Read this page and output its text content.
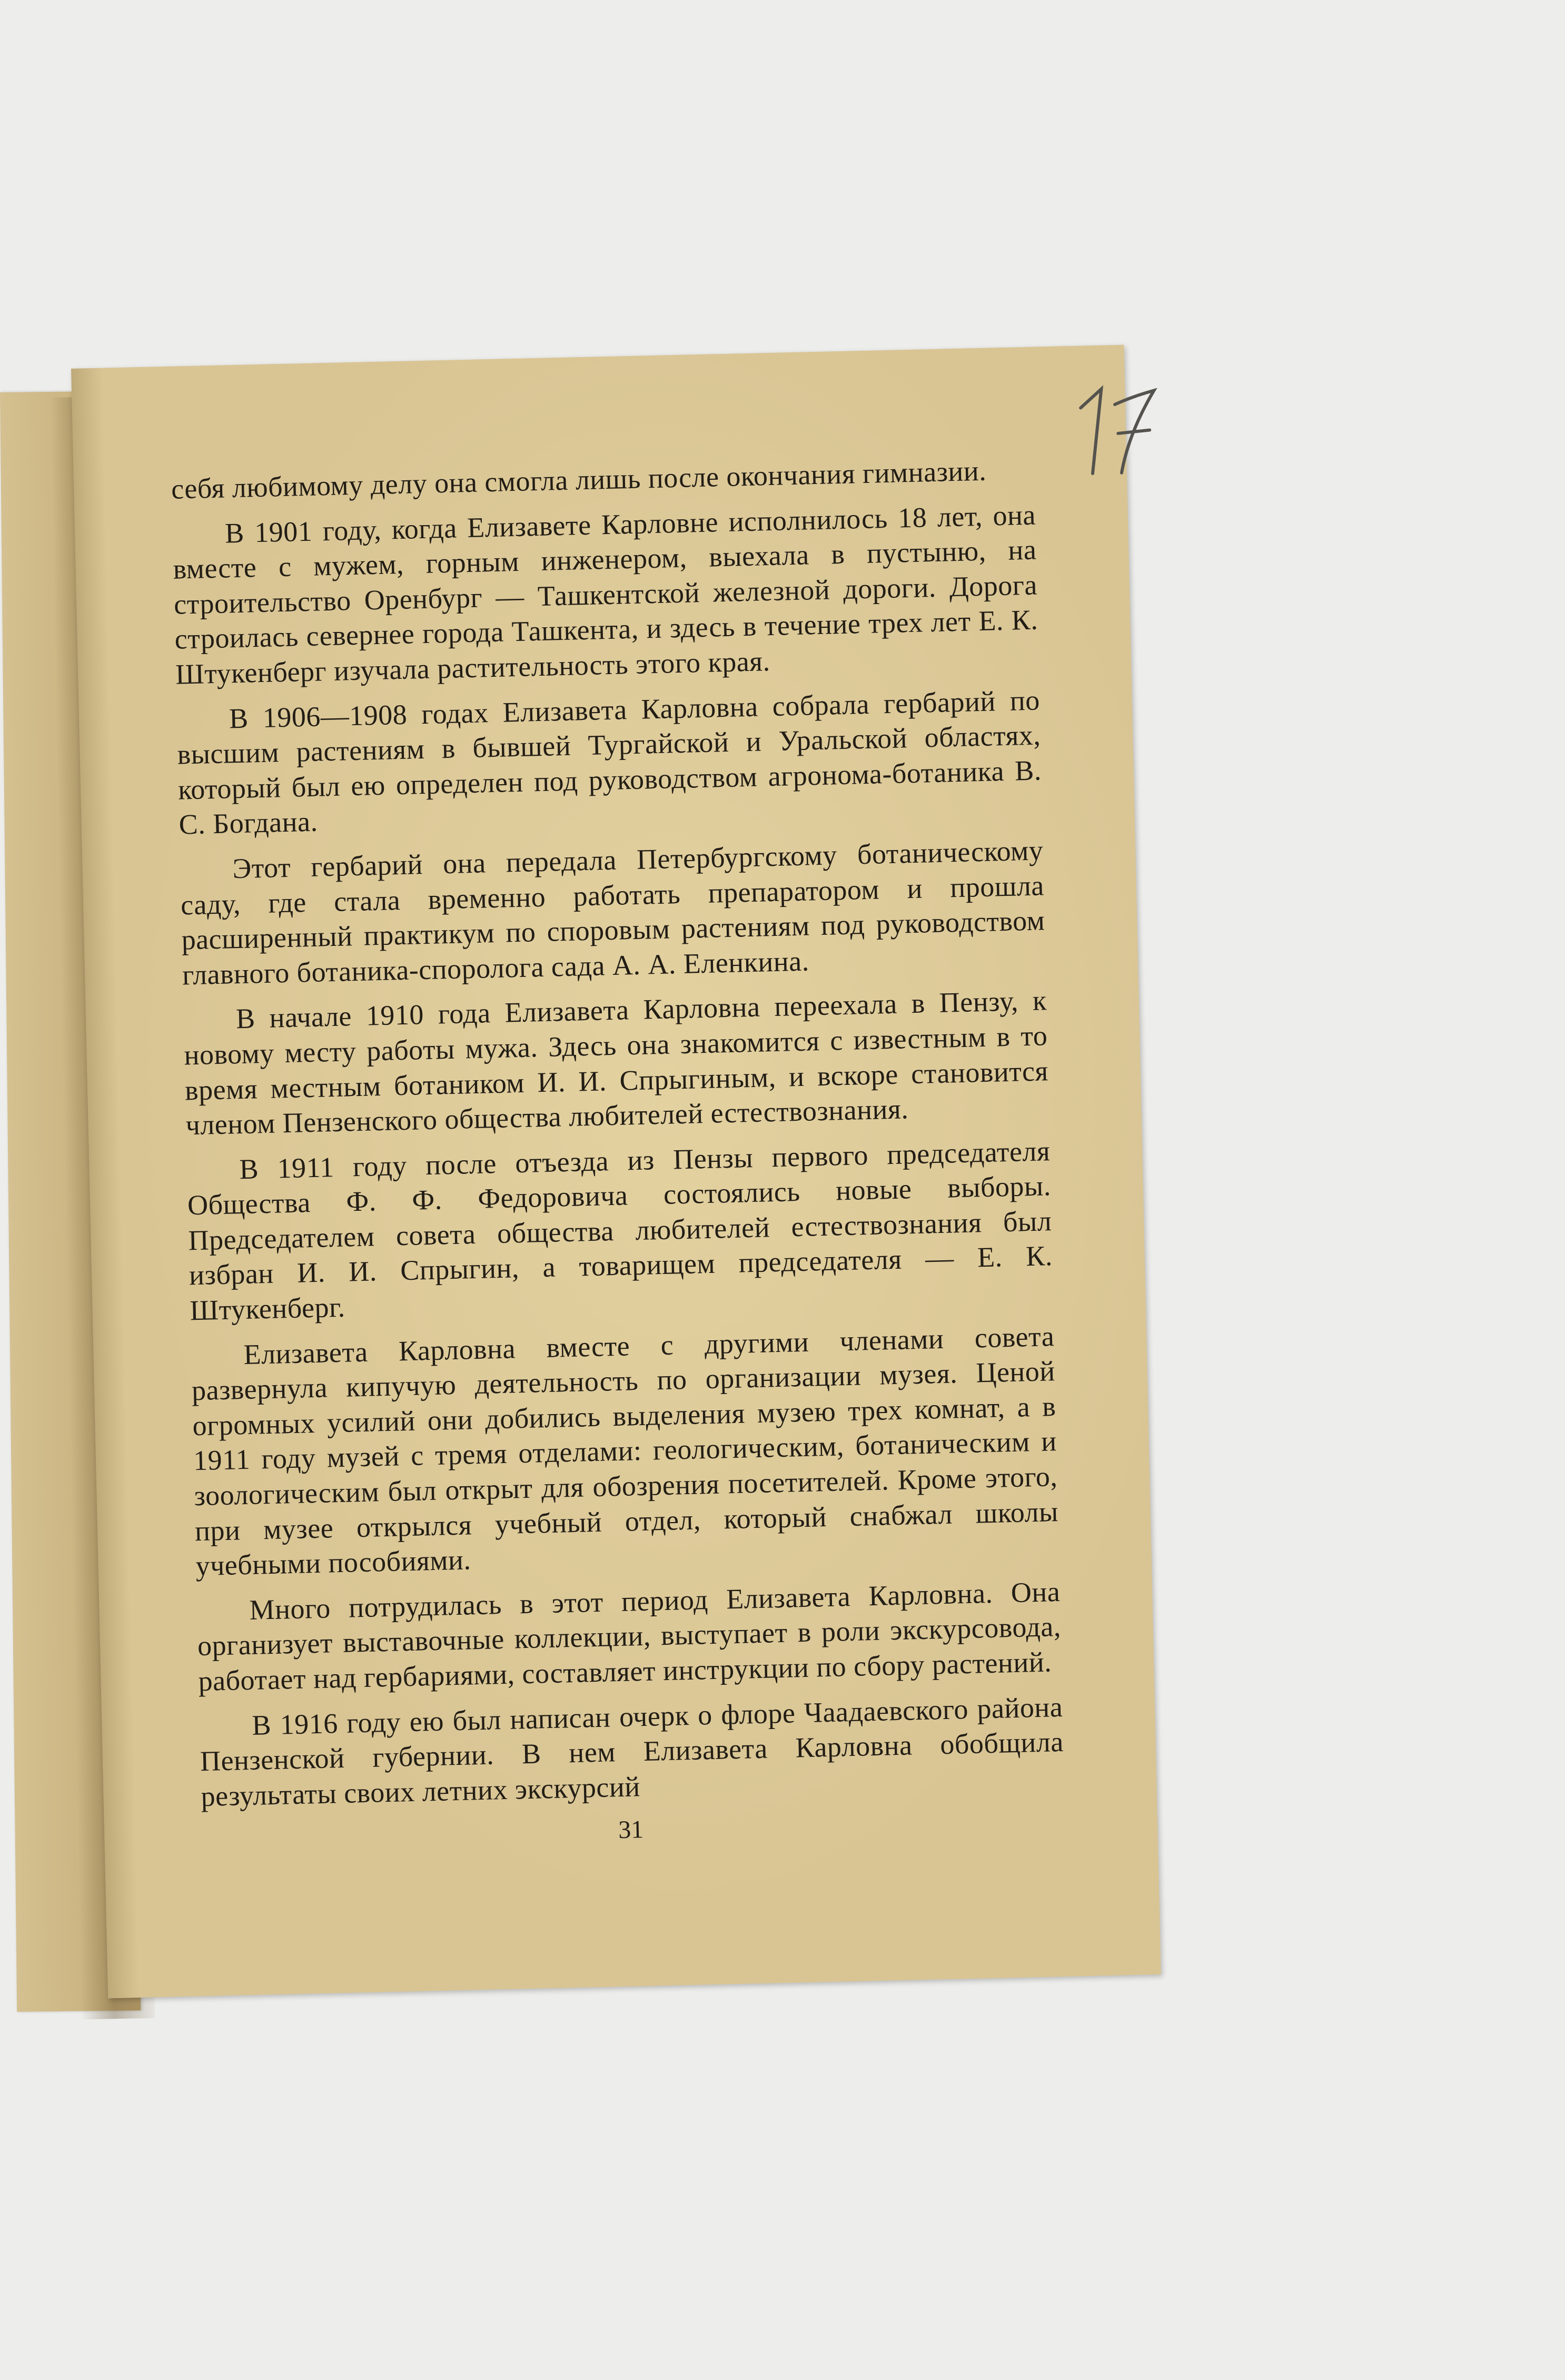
себя любимому делу она смогла лишь после окончания гимназии.

В 1901 году, когда Елизавете Карловне исполнилось 18 лет, она вместе с мужем, горным инженером, выехала в пустыню, на строительство Оренбург — Ташкентской железной дороги. Дорога строилась севернее города Ташкента, и здесь в течение трех лет Е. К. Штукенберг изучала растительность этого края.

В 1906—1908 годах Елизавета Карловна собрала гербарий по высшим растениям в бывшей Тургайской и Уральской областях, который был ею определен под руководством агронома-ботаника В. С. Богдана.

Этот гербарий она передала Петербургскому ботаническому саду, где стала временно работать препаратором и прошла расширенный практикум по споровым растениям под руководством главного ботаника-споролога сада А. А. Еленкина.

В начале 1910 года Елизавета Карловна переехала в Пензу, к новому месту работы мужа. Здесь она знакомится с известным в то время местным ботаником И. И. Спрыгиным, и вскоре становится членом Пензенского общества любителей естествознания.

В 1911 году после отъезда из Пензы первого председателя Общества Ф. Ф. Федоровича состоялись новые выборы. Председателем совета общества любителей естествознания был избран И. И. Спрыгин, а товарищем председателя — Е. К. Штукенберг.

Елизавета Карловна вместе с другими членами совета развернула кипучую деятельность по организации музея. Ценой огромных усилий они добились выделения музею трех комнат, а в 1911 году музей с тремя отделами: геологическим, ботаническим и зоологическим был открыт для обозрения посетителей. Кроме этого, при музее открылся учебный отдел, который снабжал школы учебными пособиями.

Много потрудилась в этот период Елизавета Карловна. Она организует выставочные коллекции, выступает в роли экскурсовода, работает над гербариями, составляет инструкции по сбору растений.

В 1916 году ею был написан очерк о флоре Чаадаевского района Пензенской губернии. В нем Елизавета Карловна обобщила результаты своих летних экскурсий

31
